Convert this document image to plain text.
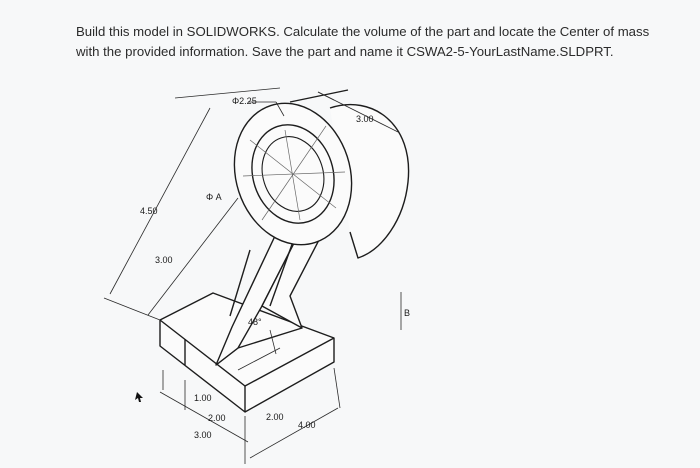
Build this model in SOLIDWORKS. Calculate the volume of the part and locate the Center of mass

with the provided information. Save the part and name it CSWA2-5-YourLastName.SLDPRT.

Φ2.25
3.00
4.50
3.00
Φ A
48°
B
1.00
2.00
3.00
2.00
4.00
